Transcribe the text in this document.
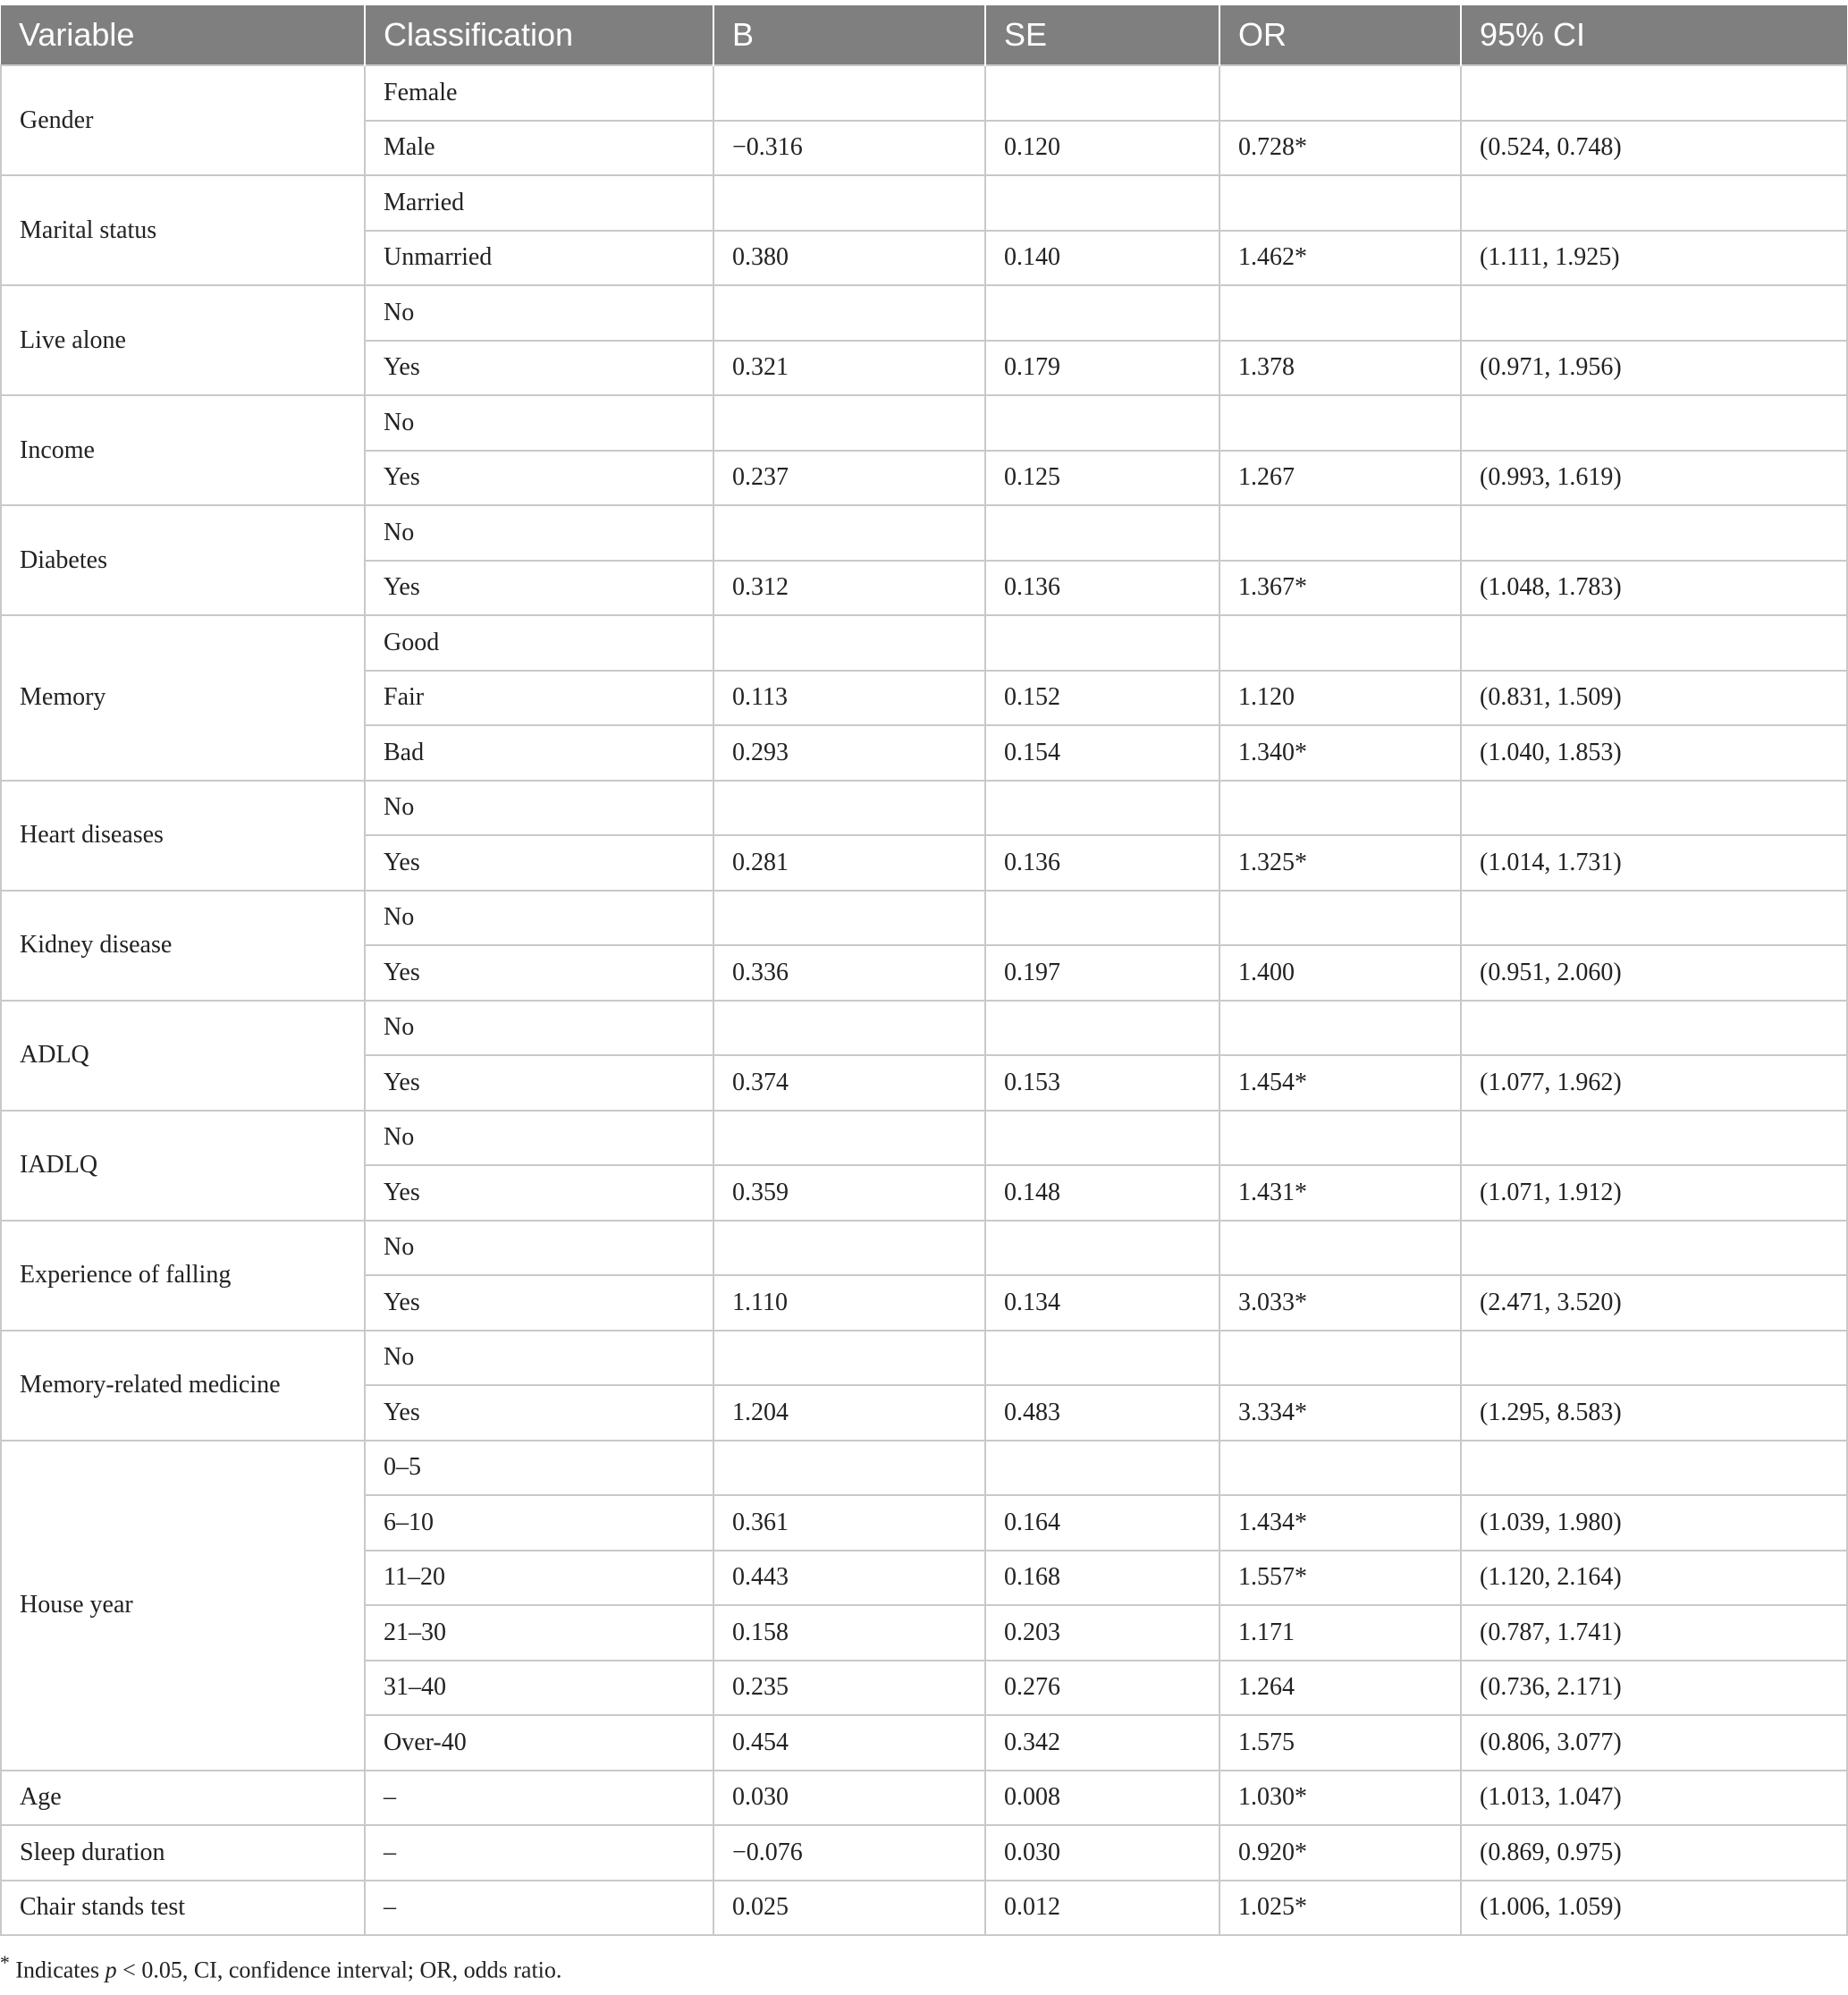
Variable	Classification	B	SE	OR	95% CI
Gender	Female				
	Male	−0.316	0.120	0.728*	(0.524, 0.748)
Marital status	Married				
	Unmarried	0.380	0.140	1.462*	(1.111, 1.925)
Live alone	No				
	Yes	0.321	0.179	1.378	(0.971, 1.956)
Income	No				
	Yes	0.237	0.125	1.267	(0.993, 1.619)
Diabetes	No				
	Yes	0.312	0.136	1.367*	(1.048, 1.783)
Memory	Good				
	Fair	0.113	0.152	1.120	(0.831, 1.509)
	Bad	0.293	0.154	1.340*	(1.040, 1.853)
Heart diseases	No				
	Yes	0.281	0.136	1.325*	(1.014, 1.731)
Kidney disease	No				
	Yes	0.336	0.197	1.400	(0.951, 2.060)
ADLQ	No				
	Yes	0.374	0.153	1.454*	(1.077, 1.962)
IADLQ	No				
	Yes	0.359	0.148	1.431*	(1.071, 1.912)
Experience of falling	No				
	Yes	1.110	0.134	3.033*	(2.471, 3.520)
Memory-related medicine	No				
	Yes	1.204	0.483	3.334*	(1.295, 8.583)
House year	0–5				
	6–10	0.361	0.164	1.434*	(1.039, 1.980)
	11–20	0.443	0.168	1.557*	(1.120, 2.164)
	21–30	0.158	0.203	1.171	(0.787, 1.741)
	31–40	0.235	0.276	1.264	(0.736, 2.171)
	Over-40	0.454	0.342	1.575	(0.806, 3.077)
Age	–	0.030	0.008	1.030*	(1.013, 1.047)
Sleep duration	–	−0.076	0.030	0.920*	(0.869, 0.975)
Chair stands test	–	0.025	0.012	1.025*	(1.006, 1.059)
* Indicates p < 0.05, CI, confidence interval; OR, odds ratio.
